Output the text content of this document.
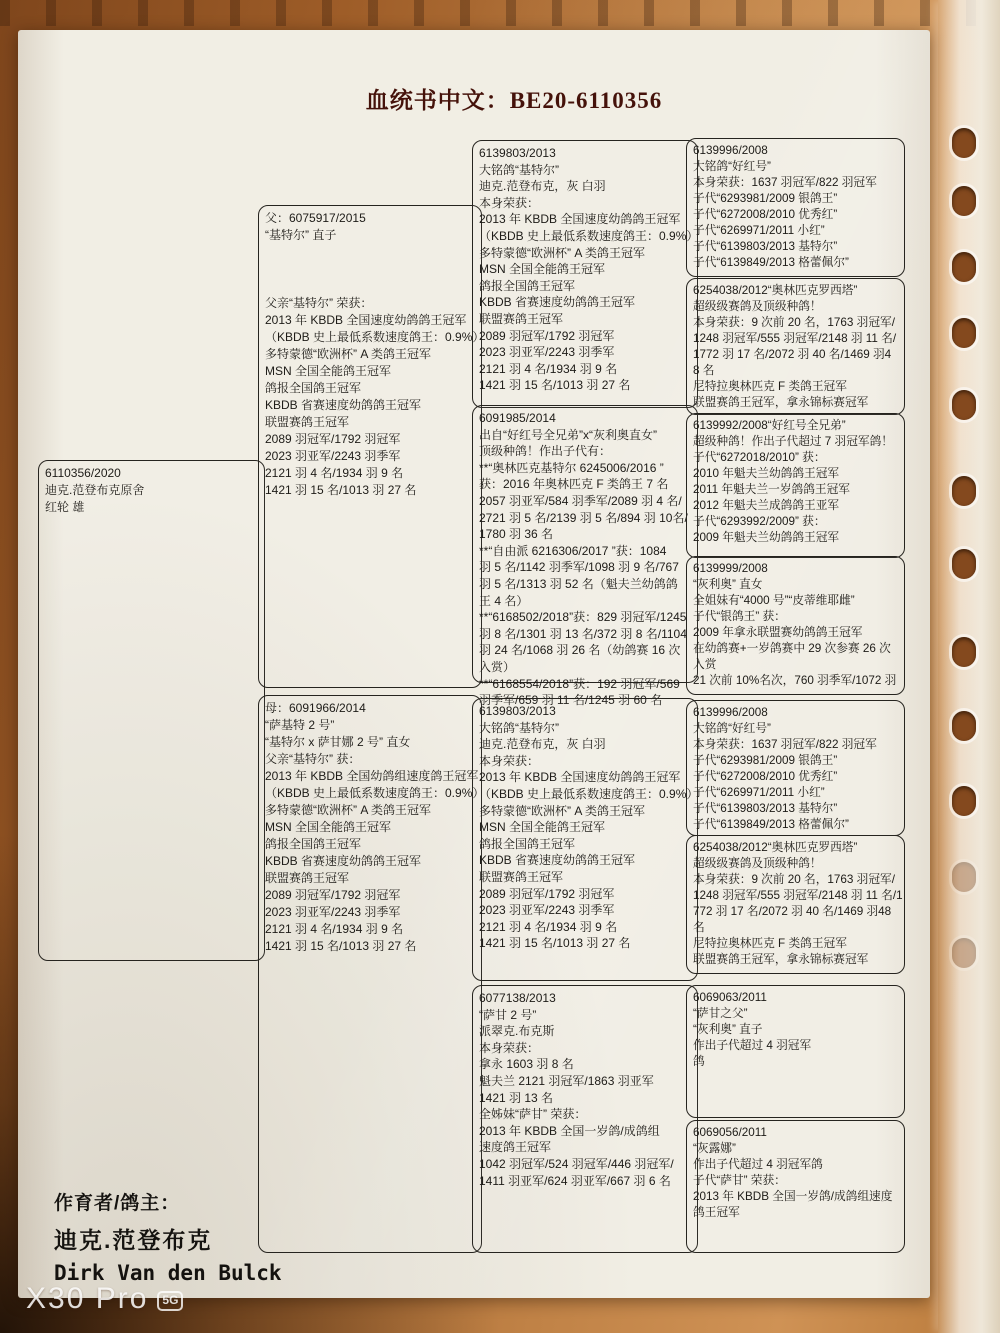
血统书中文：BE20-6110356
6110356/2020
迪克.范登布克原舍
红轮 雄
父：6075917/2015
“基特尔” 直子

父亲“基特尔” 荣获：
2013 年 KBDB 全国速度幼鸽鸽王冠军
（KBDB 史上最低系数速度鸽王：0.9%）
多特蒙德“欧洲杯” A 类鸽王冠军
MSN 全国全能鸽王冠军
鸽报全国鸽王冠军
KBDB 省赛速度幼鸽鸽王冠军
联盟赛鸽王冠军
2089 羽冠军/1792 羽冠军
2023 羽亚军/2243 羽季军
2121 羽 4 名/1934 羽 9 名
1421 羽 15 名/1013 羽 27 名
母：6091966/2014
“萨基特 2 号”
“基特尔 x 萨甘娜 2 号” 直女
父亲“基特尔” 获：
2013 年 KBDB 全国幼鸽组速度鸽王冠军
（KBDB 史上最低系数速度鸽王：0.9%）
多特蒙德“欧洲杯” A 类鸽王冠军
MSN 全国全能鸽王冠军
鸽报全国鸽王冠军
KBDB 省赛速度幼鸽鸽王冠军
联盟赛鸽王冠军
2089 羽冠军/1792 羽冠军
2023 羽亚军/2243 羽季军
2121 羽 4 名/1934 羽 9 名
1421 羽 15 名/1013 羽 27 名
6139803/2013
大铭鸽“基特尔”
迪克.范登布克，灰 白羽
本身荣获：
2013 年 KBDB 全国速度幼鸽鸽王冠军
（KBDB 史上最低系数速度鸽王：0.9%）
多特蒙德“欧洲杯” A 类鸽王冠军
MSN 全国全能鸽王冠军
鸽报全国鸽王冠军
KBDB 省赛速度幼鸽鸽王冠军
联盟赛鸽王冠军
2089 羽冠军/1792 羽冠军
2023 羽亚军/2243 羽季军
2121 羽 4 名/1934 羽 9 名
1421 羽 15 名/1013 羽 27 名
6091985/2014
出自“好红号全兄弟”x“灰利奥直女”
顶级种鸽！作出子代有：
**“奥林匹克基特尔 6245006/2016 ”
获：2016 年奥林匹克 F 类鸽王 7 名
2057 羽亚军/584 羽季军/2089 羽 4 名/
2721 羽 5 名/2139 羽 5 名/894 羽 10名/
1780 羽 36 名
**“自由派 6216306/2017 ”获：1084
羽 5 名/1142 羽季军/1098 羽 9 名/767
羽 5 名/1313 羽 52 名（魁夫兰幼鸽鸽
王 4 名）
**“6168502/2018”获：829 羽冠军/1245
羽 8 名/1301 羽 13 名/372 羽 8 名/1104
羽 24 名/1068 羽 26 名（幼鸽赛 16 次
入赏）
**“6168554/2018”获：192 羽冠军/569
羽季军/659 羽 11 名/1245 羽 60 名
6139803/2013
大铭鸽“基特尔”
迪克.范登布克，灰 白羽
本身荣获：
2013 年 KBDB 全国速度幼鸽鸽王冠军
（KBDB 史上最低系数速度鸽王：0.9%）
多特蒙德“欧洲杯” A 类鸽王冠军
MSN 全国全能鸽王冠军
鸽报全国鸽王冠军
KBDB 省赛速度幼鸽鸽王冠军
联盟赛鸽王冠军
2089 羽冠军/1792 羽冠军
2023 羽亚军/2243 羽季军
2121 羽 4 名/1934 羽 9 名
1421 羽 15 名/1013 羽 27 名
6077138/2013
“萨甘 2 号”
派翠克.布克斯
本身荣获：
拿永 1603 羽 8 名
魁夫兰 2121 羽冠军/1863 羽亚军
1421 羽 13 名
全姊妹“萨甘” 荣获：
2013 年 KBDB 全国一岁鸽/成鸽组
速度鸽王冠军
1042 羽冠军/524 羽冠军/446 羽冠军/
1411 羽亚军/624 羽亚军/667 羽 6 名
6139996/2008
大铭鸽“好红号”
本身荣获：1637 羽冠军/822 羽冠军
子代“6293981/2009 银鸽王”
子代“6272008/2010 优秀红”
子代“6269971/2011 小红”
子代“6139803/2013 基特尔”
子代“6139849/2013 格蕾佩尔”
6254038/2012“奥林匹克罗西塔”
超级级赛鸽及顶级种鸽！
本身荣获：9 次前 20 名，1763 羽冠军/
1248 羽冠军/555 羽冠军/2148 羽 11 名/
1772 羽 17 名/2072 羽 40 名/1469 羽4
8 名
尼特拉奥林匹克 F 类鸽王冠军
联盟赛鸽王冠军，拿永锦标赛冠军
6139992/2008“好红号全兄弟”
超级种鸽！作出子代超过 7 羽冠军鸽！
子代“6272018/2010” 获：
2010 年魁夫兰幼鸽鸽王冠军
2011 年魁夫兰一岁鸽鸽王冠军
2012 年魁夫兰成鸽鸽王亚军
子代“6293992/2009” 获：
2009 年魁夫兰幼鸽鸽王冠军
6139999/2008
“灰利奥” 直女
全姐妹有“4000 号”“皮蒂维耶雌”
子代“银鸽王” 获：
2009 年拿永联盟赛幼鸽鸽王冠军
在幼鸽赛+一岁鸽赛中 29 次参赛 26 次
入赏
21 次前 10%名次，760 羽季军/1072 羽
6139996/2008
大铭鸽“好红号”
本身荣获：1637 羽冠军/822 羽冠军
子代“6293981/2009 银鸽王”
子代“6272008/2010 优秀红”
子代“6269971/2011 小红”
子代“6139803/2013 基特尔”
子代“6139849/2013 格蕾佩尔”
6254038/2012“奥林匹克罗西塔”
超级级赛鸽及顶级种鸽！
本身荣获：9 次前 20 名，1763 羽冠军/
1248 羽冠军/555 羽冠军/2148 羽 11 名/1
772 羽 17 名/2072 羽 40 名/1469 羽48
名
尼特拉奥林匹克 F 类鸽王冠军
联盟赛鸽王冠军，拿永锦标赛冠军
6069063/2011
“萨甘之父”
“灰利奥” 直子
作出子代超过 4 羽冠军
鸽
6069056/2011
“灰露娜”
作出子代超过 4 羽冠军鸽
子代“萨甘” 荣获：
2013 年 KBDB 全国一岁鸽/成鸽组速度
鸽王冠军
作育者/鸽主：
迪克.范登布克
Dirk Van den Bulck
X30 Pro	5G
